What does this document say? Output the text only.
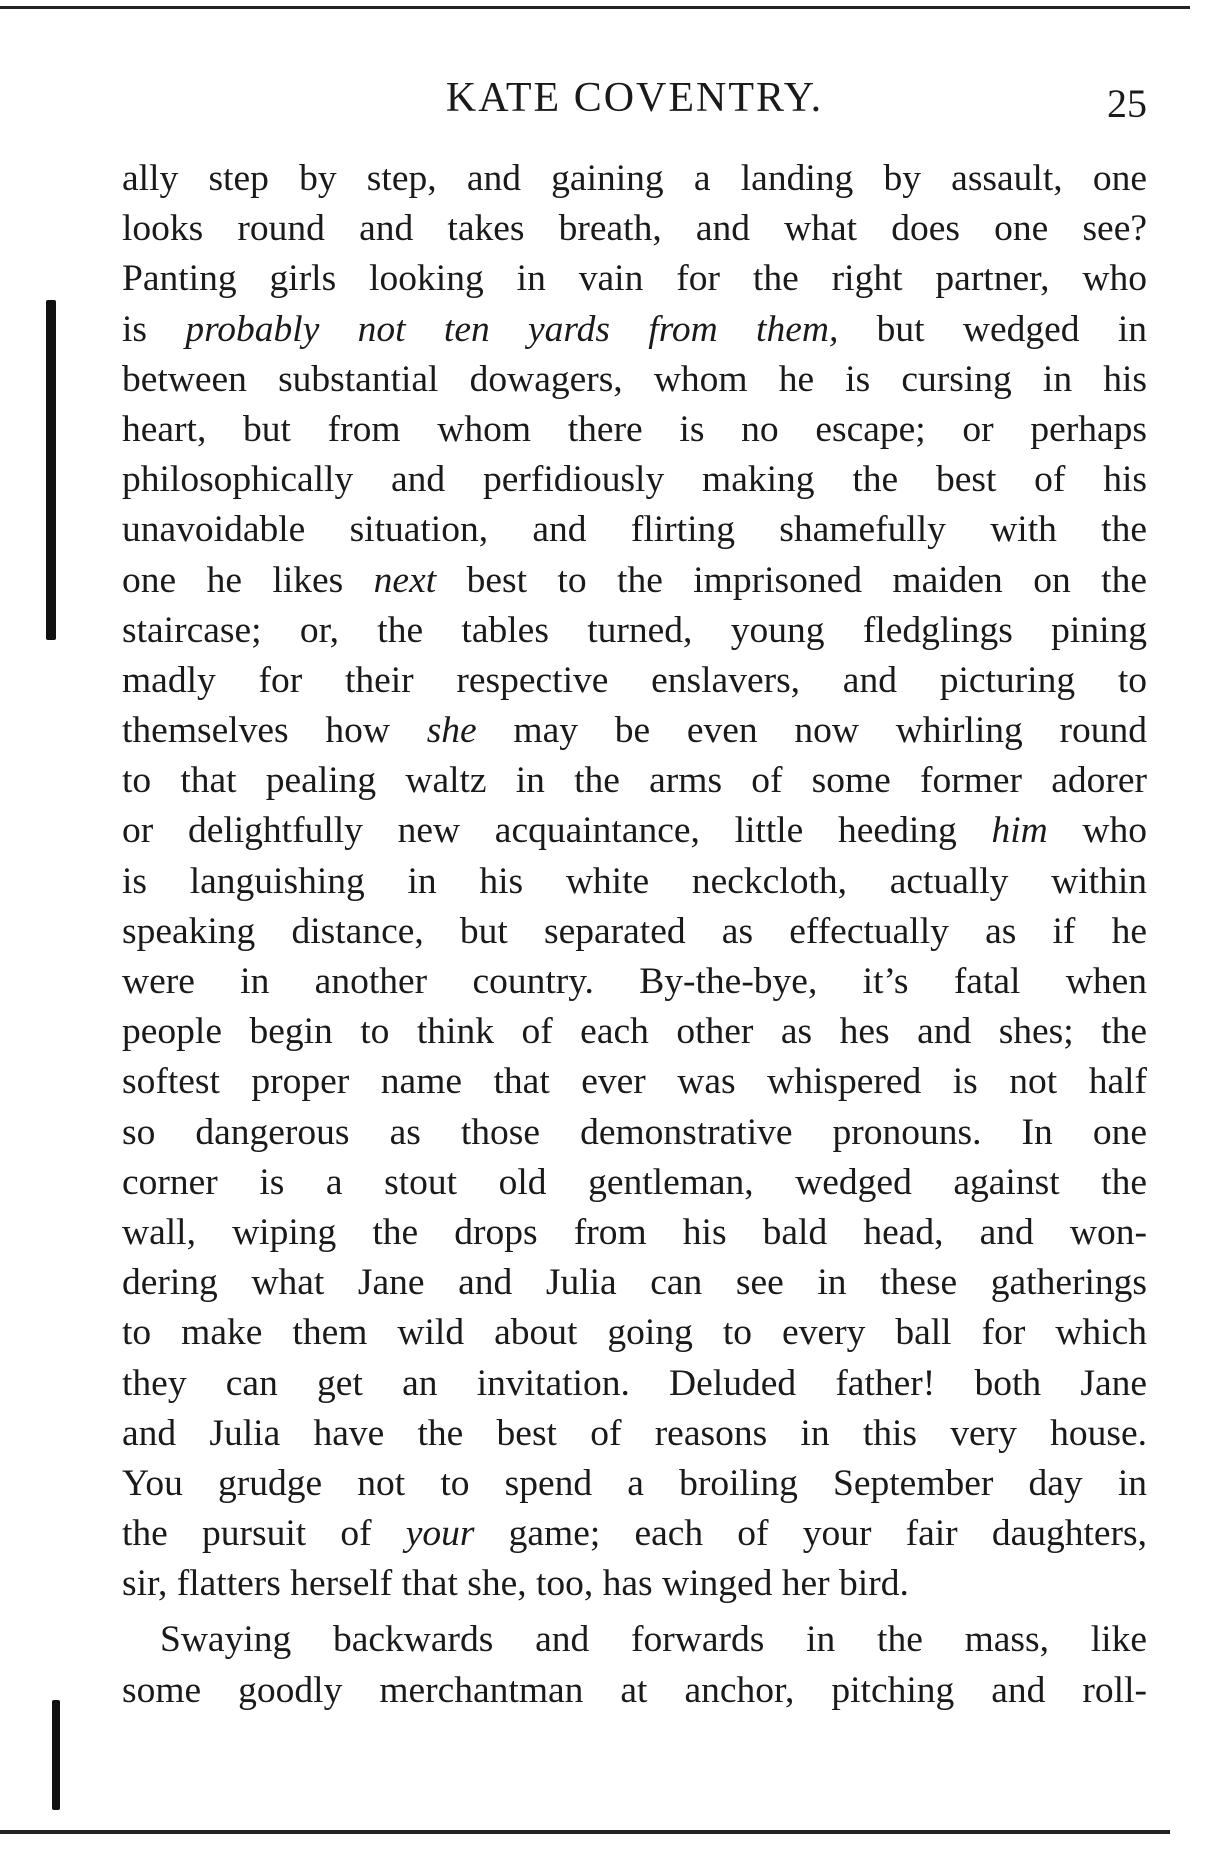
KATE COVENTRY.	25
ally step by step, and gaining a landing by assault, one
looks round and takes breath, and what does one see?
Panting girls looking in vain for the right partner, who
is probably not ten yards from them, but wedged in
between substantial dowagers, whom he is cursing in his
heart, but from whom there is no escape; or perhaps
philosophically and perfidiously making the best of his
unavoidable situation, and flirting shamefully with the
one he likes next best to the imprisoned maiden on the
staircase; or, the tables turned, young fledglings pining
madly for their respective enslavers, and picturing to
themselves how she may be even now whirling round
to that pealing waltz in the arms of some former adorer
or delightfully new acquaintance, little heeding him who
is languishing in his white neckcloth, actually within
speaking distance, but separated as effectually as if he
were in another country. By-the-bye, it’s fatal when
people begin to think of each other as hes and shes; the
softest proper name that ever was whispered is not half
so dangerous as those demonstrative pronouns. In one
corner is a stout old gentleman, wedged against the
wall, wiping the drops from his bald head, and won-
dering what Jane and Julia can see in these gatherings
to make them wild about going to every ball for which
they can get an invitation. Deluded father! both Jane
and Julia have the best of reasons in this very house.
You grudge not to spend a broiling September day in
the pursuit of your game; each of your fair daughters,
sir, flatters herself that she, too, has winged her bird.
Swaying backwards and forwards in the mass, like
some goodly merchantman at anchor, pitching and roll-
